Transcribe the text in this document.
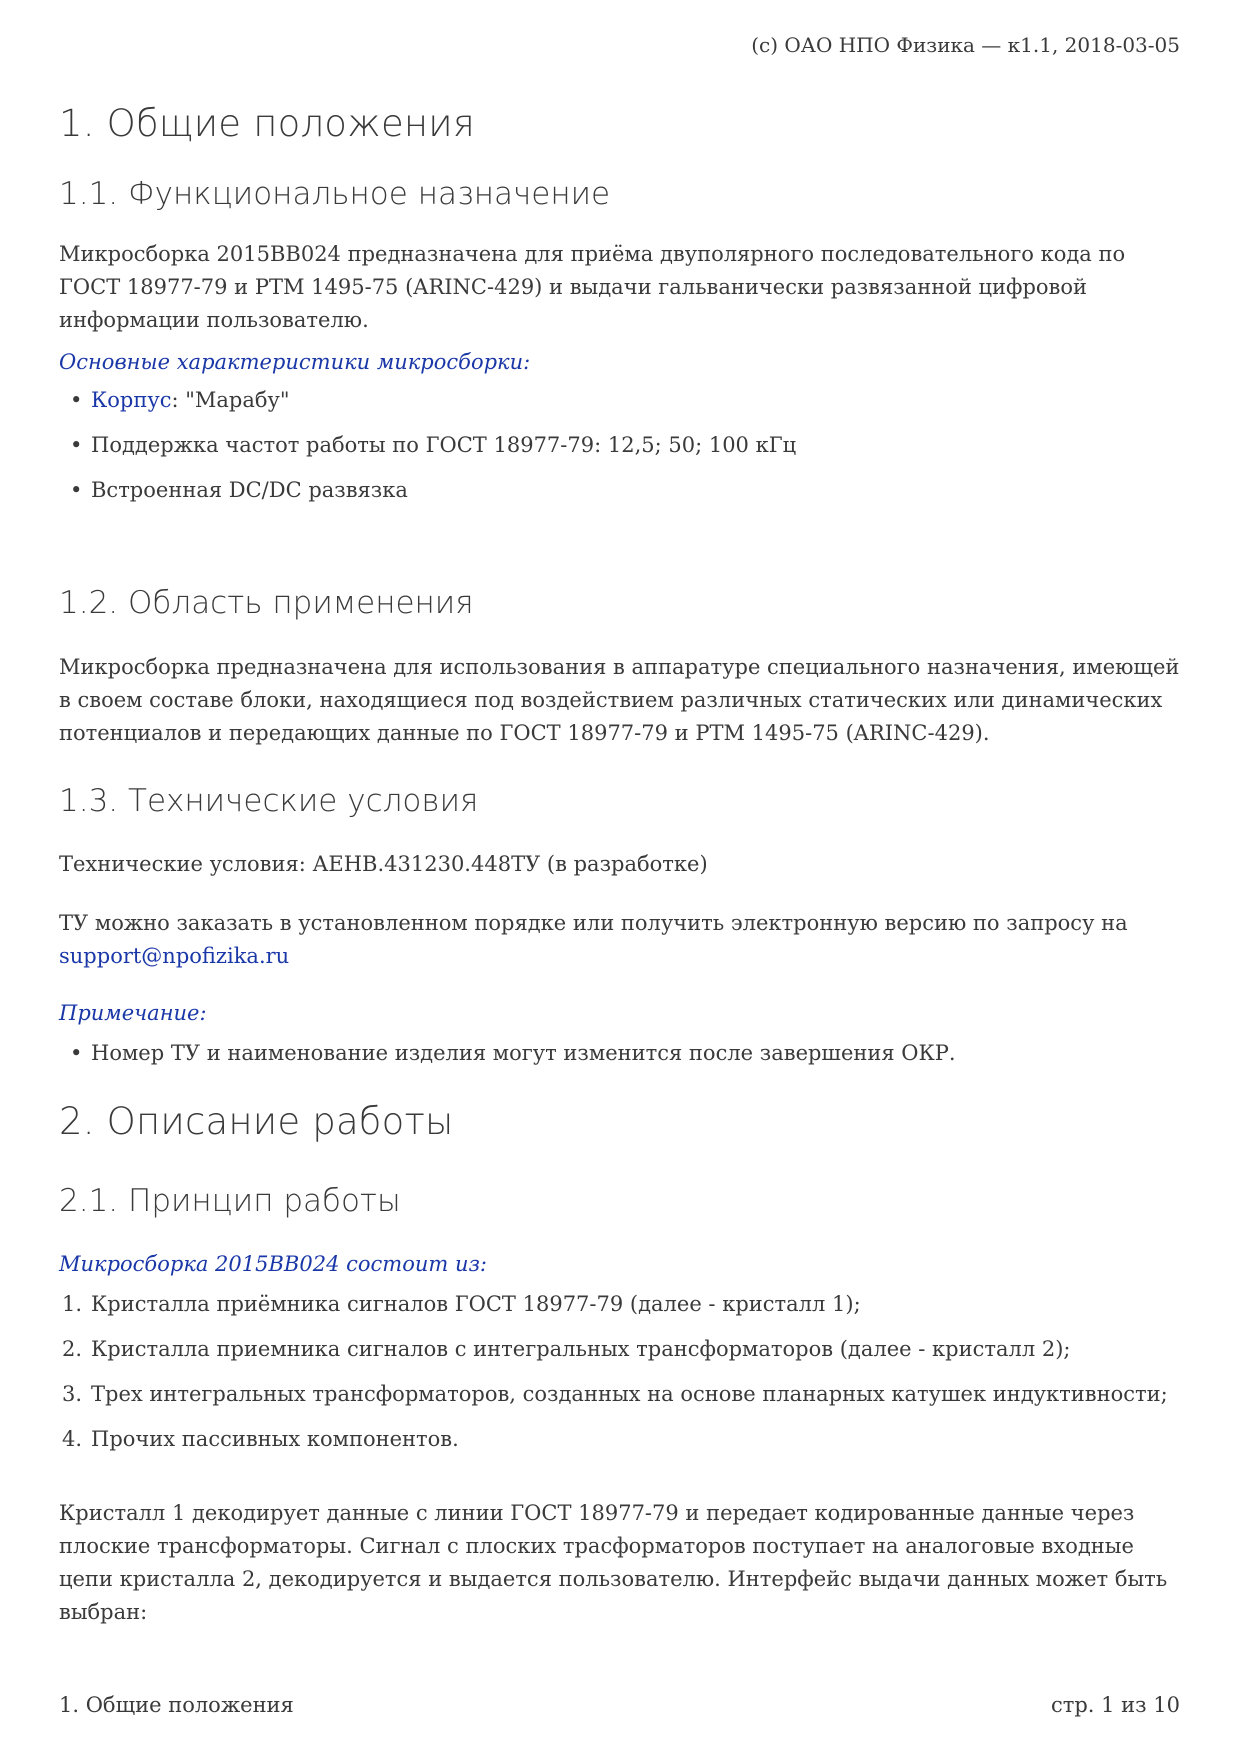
(c) ОАО НПО Физика — к1.1, 2018-03-05
1. Общие положения
1.1. Функциональное назначение
Микросборка 2015ВВ024 предназначена для приёма двуполярного последовательного кода по ГОСТ 18977-79 и РТМ 1495-75 (ARINC-429) и выдачи гальванически развязанной цифровой информации пользователю.
Основные характеристики микросборки:
• Корпус: "Марабу"
• Поддержка частот работы по ГОСТ 18977-79: 12,5; 50; 100 кГц
• Встроенная DC/DC развязка
1.2. Область применения
Микросборка предназначена для использования в аппаратуре специального назначения, имеющей в своем составе блоки, находящиеся под воздействием различных статических или динамических потенциалов и передающих данные по ГОСТ 18977-79 и РТМ 1495-75 (ARINC-429).
1.3. Технические условия
Технические условия: АЕНВ.431230.448ТУ (в разработке)
ТУ можно заказать в установленном порядке или получить электронную версию по запросу на
support@npofizika.ru
Примечание:
• Номер ТУ и наименование изделия могут изменится после завершения ОКР.
2. Описание работы
2.1. Принцип работы
Микросборка 2015ВВ024 состоит из:
1. Кристалла приёмника сигналов ГОСТ 18977-79 (далее - кристалл 1);
2. Кристалла приемника сигналов с интегральных трансформаторов (далее - кристалл 2);
3. Трех интегральных трансформаторов, созданных на основе планарных катушек индуктивности;
4. Прочих пассивных компонентов.
Кристалл 1 декодирует данные с линии ГОСТ 18977-79 и передает кодированные данные через плоские трансформаторы. Сигнал с плоских трасформаторов поступает на аналоговые входные цепи кристалла 2, декодируется и выдается пользователю. Интерфейс выдачи данных может быть выбран:
1. Общие положения	стр. 1 из 10
